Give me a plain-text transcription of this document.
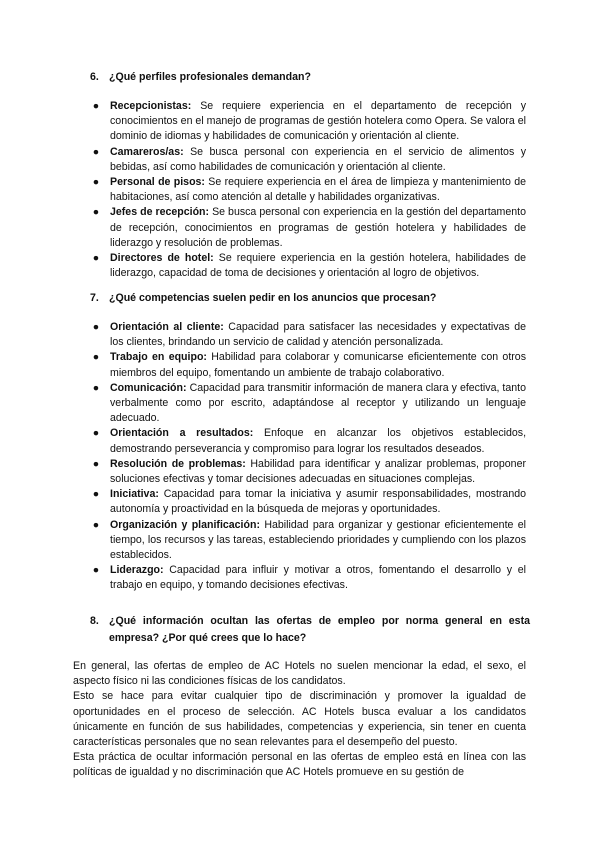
6. ¿Qué perfiles profesionales demandan?
● Recepcionistas: Se requiere experiencia en el departamento de recepción y conocimientos en el manejo de programas de gestión hotelera como Opera. Se valora el dominio de idiomas y habilidades de comunicación y orientación al cliente.
● Camareros/as: Se busca personal con experiencia en el servicio de alimentos y bebidas, así como habilidades de comunicación y orientación al cliente.
● Personal de pisos: Se requiere experiencia en el área de limpieza y mantenimiento de habitaciones, así como atención al detalle y habilidades organizativas.
● Jefes de recepción: Se busca personal con experiencia en la gestión del departamento de recepción, conocimientos en programas de gestión hotelera y habilidades de liderazgo y resolución de problemas.
● Directores de hotel: Se requiere experiencia en la gestión hotelera, habilidades de liderazgo, capacidad de toma de decisiones y orientación al logro de objetivos.
7. ¿Qué competencias suelen pedir en los anuncios que procesan?
● Orientación al cliente: Capacidad para satisfacer las necesidades y expectativas de los clientes, brindando un servicio de calidad y atención personalizada.
● Trabajo en equipo: Habilidad para colaborar y comunicarse eficientemente con otros miembros del equipo, fomentando un ambiente de trabajo colaborativo.
● Comunicación: Capacidad para transmitir información de manera clara y efectiva, tanto verbalmente como por escrito, adaptándose al receptor y utilizando un lenguaje adecuado.
● Orientación a resultados: Enfoque en alcanzar los objetivos establecidos, demostrando perseverancia y compromiso para lograr los resultados deseados.
● Resolución de problemas: Habilidad para identificar y analizar problemas, proponer soluciones efectivas y tomar decisiones adecuadas en situaciones complejas.
● Iniciativa: Capacidad para tomar la iniciativa y asumir responsabilidades, mostrando autonomía y proactividad en la búsqueda de mejoras y oportunidades.
● Organización y planificación: Habilidad para organizar y gestionar eficientemente el tiempo, los recursos y las tareas, estableciendo prioridades y cumpliendo con los plazos establecidos.
● Liderazgo: Capacidad para influir y motivar a otros, fomentando el desarrollo y el trabajo en equipo, y tomando decisiones efectivas.
8. ¿Qué información ocultan las ofertas de empleo por norma general en esta empresa? ¿Por qué crees que lo hace?

En general, las ofertas de empleo de AC Hotels no suelen mencionar la edad, el sexo, el aspecto físico ni las condiciones físicas de los candidatos.

Esto se hace para evitar cualquier tipo de discriminación y promover la igualdad de oportunidades en el proceso de selección. AC Hotels busca evaluar a los candidatos únicamente en función de sus habilidades, competencias y experiencia, sin tener en cuenta características personales que no sean relevantes para el desempeño del puesto.

Esta práctica de ocultar información personal en las ofertas de empleo está en línea con las políticas de igualdad y no discriminación que AC Hotels promueve en su gestión de
